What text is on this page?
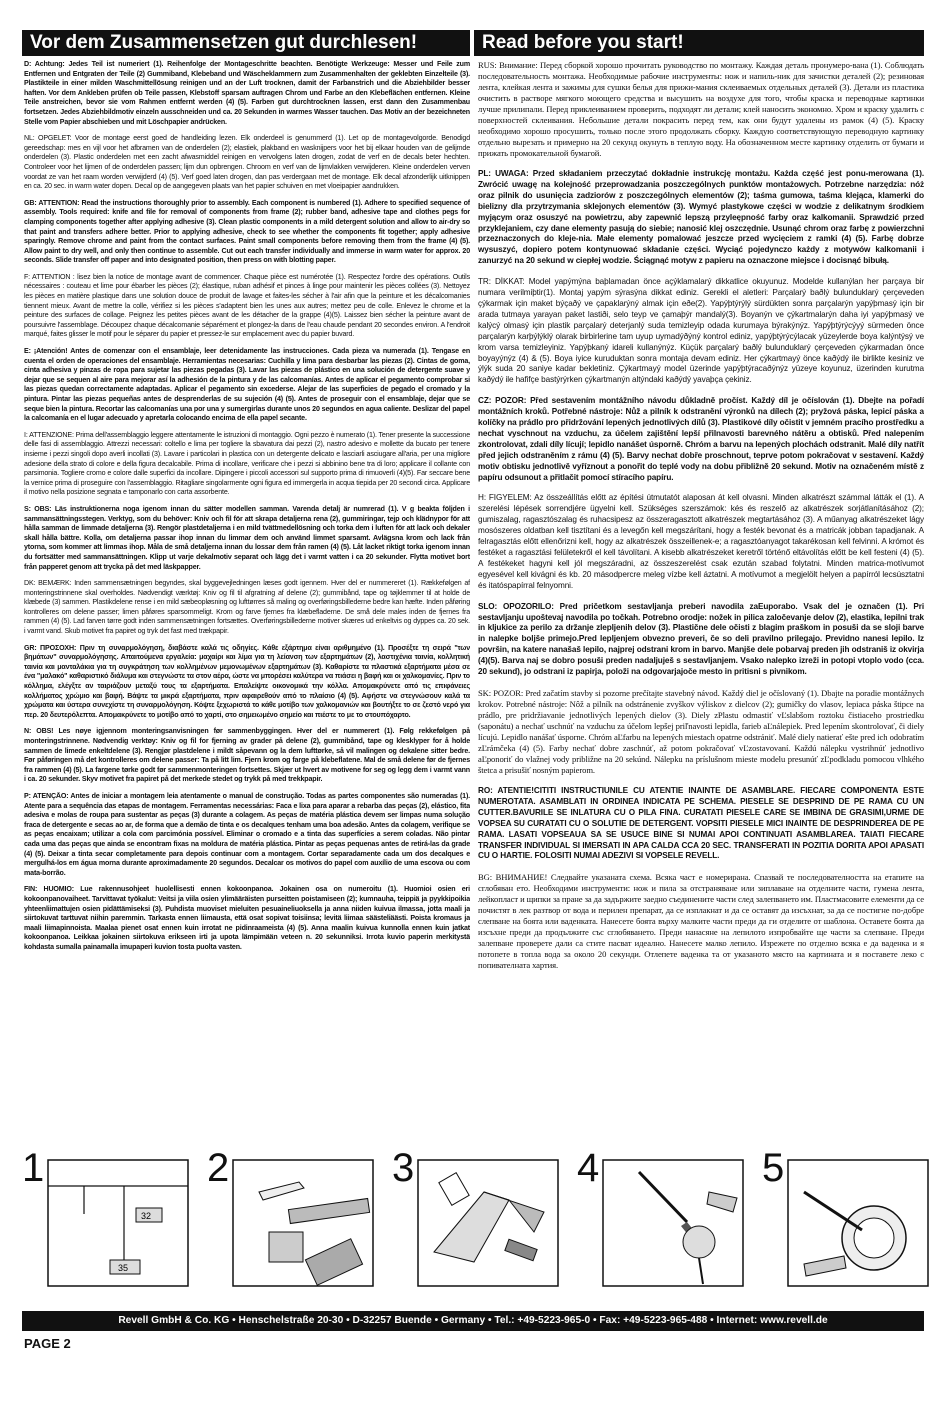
Vor dem Zusammensetzen gut durchlesen!	Read before you start!

D: Achtung: Jedes Teil ist numeriert (1). Reihenfolge der Montageschritte beachten. Benötigte Werkzeuge: Messer und Feile zum Entfernen und Entgraten der Teile (2) Gummiband, Klebeband und Wäscheklammern zum Zusammenhalten der geklebten Einzelteile (3). Plastikteile in einer milden Waschmittellösung reinigen und an der Luft trocknen, damit der Farbanstrich und die Abziehbilder besser haften. Vor dem Ankleben prüfen ob Teile passen, Klebstoff sparsam auftragen Chrom und Farbe an den Klebeflächen entfernen. Kleine Teile anstreichen, bevor sie vom Rahmen entfernt werden (4) (5). Farben gut durchtrocknen lassen, erst dann den Zusammenbau fortsetzen. Jedes Abziehbildmotiv einzeln ausschneiden und ca. 20 Sekunden in warmes Wasser tauchen. Das Motiv an der bezeichneten Stelle vom Papier abschieben und mit Löschpapier andrücken.

NL: OPGELET: Voor de montage eerst goed de handleiding lezen. Elk onderdeel is genummerd (1). Let op de montagevolgorde. Benodigd gereedschap: mes en vijl voor het afbramen van de onderdelen (2); elastiek, plakband en wasknijpers voor het bij elkaar houden van de gelijmde onderdelen (3). Plastic onderdelen met een zacht afwasmiddel reinigen en vervolgens laten drogen, zodat de verf en de decals beter hechten. Controleer voor het lijmen of de onderdelen passen; lijm dun opbrengen. Chroom en verf van de lijmvlakken verwijderen. Kleine onderdelen verven voordat ze van het raam worden verwijderd (4) (5). Verf goed laten drogen, dan pas verdergaan met de montage. Elk decal afzonderlijk uitknippen en ca. 20 sec. in warm water dopen. Decal op de aangegeven plaats van het papier schuiven en met vloeipapier aandrukken.

GB: ATTENTION: Read the instructions thoroughly prior to assembly. Each component is numbered (1). Adhere to specified sequence of assembly. Tools required: knife and file for removal of components from frame (2); rubber band, adhesive tape and clothes pegs for clamping components together after applying adhesive (3). Clean plastic components in a mild detergent solution and allow to air-dry so that paint and transfers adhere better. Prior to applying adhesive, check to see whether the components fit together; apply adhesive sparingly. Remove chrome and paint from the contact surfaces. Paint small components before removing them from the frame (4) (5). Allow paint to dry well, and only then continue to assemble. Cut out each transfer individually and immerse in warm water for approx. 20 seconds. Slide transfer off paper and into designated position, then press on with blotting paper.

F: ATTENTION : lisez bien la notice de montage avant de commencer. Chaque pièce est numérotée (1). Respectez l'ordre des opérations. Outils nécessaires : couteau et lime pour ébarber les pièces (2); élastique, ruban adhésif et pinces à linge pour maintenir les pièces collées (3). Nettoyez les pièces en matière plastique dans une solution douce de produit de lavage et faites-les sécher à l'air afin que la peinture et les décalcomanies tiennent mieux. Avant de mettre la colle, vérifiez si les pièces s'adaptent bien les unes aux autres; mettez peu de colle. Enlevez le chrome et la peinture des surfaces de collage. Peignez les petites pièces avant de les détacher de la grappe (4)(5). Laissez bien sécher la peinture avant de poursuivre l'assemblage. Découpez chaque décalcomanie séparément et plongez-la dans de l'eau chaude pendant 20 secondes environ. A l'endroit marqué, faites glisser le motif pour le séparer du papier et pressez-le sur emplacement avec du papier buvard.

E: ¡Atención! Antes de comenzar con el ensamblaje, leer detenidamente las instrucciones. Cada pieza va numerada (1). Tengase en cuenta el orden de operaciones del ensamblaje. Herramientas necesarias: Cuchilla y lima para desbarbar las piezas (2). Cintas de goma, cinta adhesiva y pinzas de ropa para sujetar las piezas pegadas (3). Lavar las piezas de plástico en una solución de detergente suave y dejar que se sequen al aire para mejorar así la adhesión de la pintura y de las calcomanías. Antes de aplicar el pegamento comprobar si las piezas quedan correctamente adaptadas. Aplicar el pegamento sin excederse. Alejar de las superficies de pegado el cromado y la pintura. Pintar las piezas pequeñas antes de desprenderlas de su sujeción (4) (5). Antes de proseguir con el ensamblaje, dejar que se seque bien la pintura. Recortar las calcomanías una por una y sumergirlas durante unos 20 segundos en agua caliente. Deslizar del papel la calcomanía en el lugar adecuado y apretarla colocando encima de ella papel secante.

I: ATTENZIONE: Prima dell'assemblaggio leggere attentamente le istruzioni di montaggio. Ogni pezzo è numerato (1). Tener presente la successione delle fasi di assemblaggio. Attrezzi necessari: coltello e lima per togliere la sbavatura dai pezzi (2), nastro adesivo e mollette da bucato per tenere insieme i pezzi singoli dopo averli incollati (3). Lavare i particolari in plastica con un detergente delicato e lasciarli asciugare all'aria, per una migliore adesione della strato di colore e della figura decalcabile. Prima di incollare, verificare che i pezzi si abbinino bene tra di loro; applicare il collante con parsimonia. Togliere cromo e colore dalle superfici da incollare. Dipingere i piccoli accessori sul supporto prima di rimuoverli (4)(5). Far seccare bene la vernice prima di proseguire con l'assemblaggio. Ritagliare singolarmente ogni figura ed immergerla in acqua tiepida per 20 secondi circa. Applicare il motivo nella posizione segnata e tamponarlo con carta assorbente.

S: OBS: Läs instruktionerna noga igenom innan du sätter modellen samman. Varenda detalj är numrerad (1). V g beakta följden i sammansättningsstegen. Verktyg, som du behöver: Kniv och fil för att skrapa detaljerna rena (2), gummiringar, tejp och klädnypor för att hålla samman de limmade detaljerna (3). Rengör plastdetaljerna i en mild tvättmedellösning och torka dem i luften för att lack och dekaler skall hålla bättre. Kolla, om detaljerna passar ihop innan du limmar dem och använd limmet sparsamt. Avlägsna krom och lack från ytorna, som kommer att limmas ihop. Måla de små detaljerna innan du lossar dem från ramen (4) (5). Låt lacket riktigt torka igenom innan du fortsätter med sammansättningen. Klipp ut varje dekalmotiv separat och lägg det i varmt vatten i ca 20 sekunder. Flytta motivet bort från papperet genom att trycka på det med läskpapper.

DK: BEMÆRK: Inden sammensætningen begyndes, skal byggevejledningen læses godt igennem. Hver del er nummereret (1). Rækkefølgen af monteringstrinnene skal overholdes. Nødvendigt værktøj: Kniv og fil til afgratning af delene (2); gummibånd, tape og tøjklemmer til at holde de klæbede (3) sammen. Plastikdelene rense i en mild sæbeopløsning og lufttørres så maling og overføringsbillederne bedre kan hæfte. Inden påføring kontrolleres om delene passer; limen påføres sparsommeligt. Krom og farve fjernes fra klæbefladerne. De små dele males inden de fjernes fra rammen (4) (5). Lad farven tørre godt inden sammensætningen fortsættes. Overføringsbillederne motiver skæres ud enkeltvis og dyppes ca. 20 sek. i varmt vand. Skub motivet fra papiret og tryk det fast med trækpapir.

GR: ΠΡΟΣΟΧΗ: Πριν τη συναρμολόγηση, διαβάστε καλά τις οδηγίες. Κάθε εξάρτημα είναι αριθμημένο (1). Προσέξτε τη σειρά "των βημάτων" συναρμολόγησης. Απαιτούμενα εργαλεία: μαχαίρι και λίμα για τη λείανση των εξαρτημάτων (2), λαστιχένια ταινία, κολλητική ταινία και μανταλάκια για τη συγκράτηση των κολλημένων μεμονωμένων εξαρτημάτων (3). Καθαρίστε τα πλαστικά εξαρτήματα μέσα σε ένα "μαλακό" καθαριστικό διάλυμα και στεγνώστε τα στον αέρα, ώστε να μπορέσει καλύτερα να πιάσει η βαφή και οι χαλκομανίες. Πριν το κόλλημα, ελέγξτε αν ταιριάζουν μεταξύ τους τα εξαρτήματα. Επαλείψτε οικονομικά την κόλλα. Απομακρύνετε από τις επιφάνειες κολλήματος χρώμιο και βαφή. Βάψτε τα μικρά εξαρτήματα, πριν αφαιρεθούν από το πλαίσιο (4) (5). Αφήστε να στεγνώσουν καλά τα χρώματα και ύστερα συνεχίστε τη συναρμολόγηση. Κόψτε ξεχωριστά το κάθε μοτίβο των χαλκομανιών και βουτήξτε το σε ζεστό νερό για περ. 20 δευτερόλεπτα. Απομακρύνετε το μοτίβο από το χαρτί, στο σημειωμένο σημείο και πιέστε το με το στουπόχαρτο.

N: OBS! Les nøye igjennom monteringsanvisningen før sammenbyggingen. Hver del er nummerert (1). Følg rekkefølgen på monteringstrinnene. Nødvendig verktøy: Kniv og fil for fjerning av grader på delene (2), gummibånd, tape og klesklyper for å holde sammen de limede enkeltdelene (3). Rengjør plastdelene i mildt såpevann og la dem lufttørke, så vil malingen og dekalene sitter bedre. Før påføringen må det kontrolleres om delene passer: Ta på litt lim. Fjern krom og farge på klebeflatene. Mal de små delene før de fjernes fra rammen (4) (5). La fargene tørke godt før sammenmonteringen fortsettes. Skjær ut hvert av motivene for seg og legg dem i varmt vann i ca. 20 sekunder. Skyv motivet fra papiret på det merkede stedet og trykk på med trekkpapir.

P: ATENÇÃO: Antes de iniciar a montagem leia atentamente o manual de construção. Todas as partes componentes são numeradas (1). Atente para a sequência das etapas de montagem. Ferramentas necessárias: Faca e lixa para aparar a rebarba das peças (2), elástico, fita adesiva e molas de roupa para sustentar as peças (3) durante a colagem. As peças de matéria plástica devem ser limpas numa solução fraca de detergente e secas ao ar, de forma que a demão de tinta e os decalques tenham uma boa adesão. Antes da colagem, verifique se as peças encaixam; utilizar a cola com parcimónia possível. Eliminar o cromado e a tinta das superfícies a serem coladas. Não pintar cada uma das peças que ainda se encontram fixas na moldura de matéria plástica. Pintar as peças pequenas antes de retirá-las da grade (4) (5). Deixar a tinta secar completamente para depois continuar com a montagem. Cortar separadamente cada um dos decalques e mergulhá-los em água morna durante aproximadamente 20 segundos. Decalcar os motivos do papel com auxílio de uma escova ou com mata-borrão.

FIN: HUOMIO: Lue rakennusohjeet huolellisesti ennen kokoonpanoa. Jokainen osa on numeroitu (1). Huomioi osien eri kokoonpanovaiheet. Tarvittavat työkalut: Veitsi ja viila osien ylimääräisten purseitten poistamiseen (2); kumnauha, teippiä ja pyykkipoikia yhteenliimattujen osien pidättämiseksi (3). Puhdista muoviset mieluiten pesuaineliuoksella ja anna niiden kuivua ilmassa, jotta maali ja siirtokuvat tarttuvat niihin paremmin. Tarkasta ennen liimausta, että osat sopivat toisiinsa; levitä liimaa säästeliäästi. Poista kromaus ja maali liimapinnoista. Maalaa pienet osat ennen kuin irrotat ne pidinraameista (4) (5). Anna maalin kuivua kunnolla ennen kuin jatkat kokoonpanoa. Leikkaa jokainen siirtokuva erikseen irti ja upota lämpimään veteen n. 20 sekunniksi. Irrota kuvio paperin merkitystä kohdasta sumalla painamalla imupaperi kuvion tosta puolta vasten.

RUS: Внимание: Перед сборкой хорошо прочитать руководство по монтажу. Каждая деталь пронумеро-вана (1). Соблюдать последовательность монтажа. Необходимые рабочие инструменты: нож и напиль-ник для зачистки деталей (2); резиновая лента, клейкая лента и зажимы для сушки белья для прижи-мания склеиваемых отдельных деталей (3). Детали из пластика очистить в растворе мягкого моющего средства и высушить на воздухе для того, чтобы краска и переводные картинки лучше прилипали. Перед приклеиванием проверить, подходят ли детали; клей наносить экономно. Хром и краску удалить с поверхностей склеивания. Небольшие детали покрасить перед тем, как они будут удалены из рамок (4) (5). Краску необходимо хорошо просушить, только после этого продолжать сборку. Каждую соответствующую переводную картинку отдельно вырезать и примерно на 20 секунд окунуть в теплую воду. На обозначенном месте картинку отделить от бумаги и прижать промокательной бумагой.

PL: UWAGA: Przed składaniem przeczytać dokładnie instrukcję montażu. Każda część jest ponu-merowana (1). Zwrócić uwagę na kolejność przeprowadzania poszczególnych punktów montażowych. Potrzebne narzędzia: nóż oraz pilnik do usunięcia zadziorów z poszczególnych elementów (2); taśma gumowa, taśma klejąca, klamerki do bielizny dla przytrzymania sklejonych elementów (3). Wymyć plastykowe części w wodzie z delikatnym środkiem myjącym oraz osuszyć na powietrzu, aby zapewnić lepszą przyleępność farby oraz kalkomanii. Sprawdzić przed przyklejaniem, czy dane elementy pasują do siebie; nanosić klej oszczędnie. Usunąć chrom oraz farbę z powierzchni przeznaczonych do kleje-nia. Małe elementy pomalować jeszcze przed wycięciem z ramki (4) (5). Farbę dobrze wysuszyć, dopiero potem kontynuować składanie części. Wyciąć pojedynczo każdy z motywów kalkomanii i zanurzyć na 20 sekund w ciepłej wodzie. Ściągnąć motyw z papieru na oznaczone miejsce i docisnąć bibułą.

TR: DİKKAT: Model yapýmýna baþlamadan önce açýklamalarý dikkatlice okuyunuz. Modelde kullanýlan her parçaya bir numara verilmiþtir(1). Montaj yapým sýrasýna dikkat ediniz. Gerekli el aletleri: Parçalarý baðlý bulunduklarý çerçeveden çýkarmak için maket býçaðý ve çapaklarýný almak için eðe(2). Yapýþtýrýlý sürdükten sonra parçalarýn yapýþmasý için bir arada tutmaya yarayan paket lastiði, selo teyp ve çamaþýr mandalý(3). Boyanýn ve çýkartmalarýn daha iyi yapýþmasý ve kalýcý olmasý için plastik parçalarý deterjanlý suda temizleyip odada kurumaya býrakýnýz. Yapýþtýrýcýyý sürmeden önce parçalarýn karþýlýklý olarak birbirlerine tam uyup uymadýðýný kontrol ediniz, yapýþtýrýcýlacak yüzeylerde boya kalýntýsý ve krom varsa temizleyiniz. Yapýþkaný idareli kullanýnýz. Küçük parçalarý baðlý bulunduklarý çerçeveden çýkarmadan önce boyayýnýz (4) & (5). Boya iyice kuruduktan sonra montaja devam ediniz. Her çýkartmayý önce kaðýdý ile birlikte kesiniz ve ýlýk suda 20 saniye kadar bekletiniz. Çýkartmayý model üzerinde yapýþtýracaðýnýz yüzeye koyunuz, üzerinden kurutma kaðýdý ile hafifçe bastýrýrken çýkartmanýn altýndaki kaðýdý yavaþça çekiniz.

CZ: POZOR: Před sestavením montážního návodu důkladně pročíst. Každý díl je očíslován (1). Dbejte na pořadí montážních kroků. Potřebné nástroje: Nůž a pilník k odstranění výronků na dílech (2); pryžová páska, lepicí páska a kolíčky na prádlo pro přidržování lepených jednotlivých dílů (3). Plastikové díly očistit v jemném pracího prostředku a nechat vyschnout na vzduchu, za účelem zajištění lepší přilnavosti barevného nátěru a obtisků. Před nalepením zkontrolovat, zdali díly lícují; lepidlo nanášet úsporně. Chróm a barvu na lepených plochách odstranit. Malé díly natřít před jejich odstraněním z rámu (4) (5). Barvy nechat dobře proschnout, teprve potom pokračovat v sestavení. Každý motiv obtisku jednotlivě vyříznout a ponořit do teplé vody na dobu přibližně 20 sekund. Motiv na označeném místě z papíru odsunout a přitlačit pomocí stíracího papíru.

H: FIGYELEM: Az összeállítás előtt az építési útmutatót alaposan át kell olvasni. Minden alkatrészt számmal látták el (1). A szerelési lépések sorrendjére ügyelni kell. Szükséges szerszámok: kés és reszelő az alkatrészek sorjátlanításához (2); gumiszalag, ragasztószalag és ruhacsipesz az összeragasztott alkatrészek megtartásához (3). A műanyag alkatrészeket lágy mosószeres oldatban kell tisztítani és a levegőn kell megszárítani, hogy a festék bevonat és a matricák jobban tapadjanak. A felragasztás előtt ellenőrizni kell, hogy az alkatrészek összeillenek-e; a ragasztóanyagot takarékosan kell felvinni. A krómot és festéket a ragasztási felületekről el kell távolítani. A kisebb alkatrészeket keretről történő eltávolítás előtt be kell festeni (4) (5). A festékeket hagyni kell jól megszáradni, az összeszerelést csak ezután szabad folytatni. Minden matrica-motívumot egyesével kell kivágni és kb. 20 másodpercre meleg vízbe kell áztatni. A motívumot a megjelölt helyen a papírról lecsúsztatni és itatóspapírral felnyomni.

SLO: OPOZORILO: Pred pričetkom sestavljanja preberi navodila zaEuporabo. Vsak del je označen (1). Pri sestavljanju upoštevaj navodila po točkah. Potrebno orodje: nožek in pilica zaločevanje delov (2), elastika, lepilni trak in kljukice za perilo za držanje zlepljenih delov (3). Plastične dele očisti z blagim praškom in posuši da se sloji barve in nalepke boljše primejo.Pred lepljenjem obvezno preveri, če so deli pravilno prilegajo. Previdno nanesi lepilo. Iz površin, na katere nanašaš lepilo, najprej odstrani krom in barvo. Manjše dele pobarvaj preden jih odstraniš iz okvirja (4)(5). Barva naj se dobro posuši preden nadaljuješ s sestavljanjem. Vsako nalepko izreži in potopi vtoplo vodo (cca. 20 sekund), jo odstrani iz papirja, položi na odgovarjajoče mesto in pritisni s pivnikom.

SK: POZOR: Pred začatím stavby si pozorne prečítajte stavebný návod. Každý diel je očíslovaný (1). Dbajte na poradie montážnych krokov. Potrebné nástroje: Nôž a pilník na odstránenie zvyškov výliskov z dielcov (2); gumičky do vlasov, lepiaca páska štipce na prádlo, pre pridržiavanie jednotlivých lepených dielov (3). Diely zPlastu odmastiť vĽslabšom roztoku čistiaceho prostriedku (saponátu) a nechať uschnúť na vzduchu za účelom lepšej priľnavosti lepidla, farieb aĽnálepiek. Pred lepením skontrolovať, či diely lícujú. Lepidlo nanášať úsporne. Chróm aĽfarbu na lepených miestach opatrne odstrániť. Malé diely natierať ešte pred ich odobratím zĽrámčeka (4) (5). Farby nechať dobre zaschnúť, až potom pokračovať vĽzostavovaní. Každú nálepku vystrihnúť jednotlivo aĽponoriť do vlažnej vody približne na 20 sekúnd. Nálepku na príslušnom mieste modelu presunúť zĽpodkladu pomocou vlhkého štetca a prisušiť nosným papierom.

RO: ATENTIE!CITITI INSTRUCTIUNILE CU ATENTIE INAINTE DE ASAMBLARE. FIECARE COMPONENTA ESTE NUMEROTATA. ASAMBLATI IN ORDINEA INDICATA PE SCHEMA. PIESELE SE DESPRIND DE PE RAMA CU UN CUTTER.BAVURILE SE INLATURA CU O PILA FINA. CURATATI PIESELE CARE SE IMBINA DE GRASIMI,URME DE VOPSEA SU CURATATI CU O SOLUTIE DE DETERGENT. VOPSITI PIESELE MICI INAINTE DE DESPRINDEREA DE PE RAMA. LASATI VOPSEAUA SA SE USUCE BINE SI NUMAI APOI CONTINUATI ASAMBLAREA. TAIATI FIECARE TRANSFER INDIVIDUAL SI IMERSATI IN APA CALDA CCA 20 SEC. TRANSFERATI IN POZITIA DORITA APOI APASATI CU O HARTIE. FOLOSITI NUMAI ADEZIVI SI VOPSELE REVELL.

BG: ВНИМАНИЕ! Следвайте указаната схема. Всяка част е номерирана. Спазвай те последователността на етапите на сглобяван ето. Необходими инструменти: нож и пила за отстраняване или зиплаване на отделните части, гумена лента, лейкопласт и щипки за пране за да задържите заедно съединените части след залепването им. Пластмасовите елементи да се почистят в лек разтвор от вода и перилен препарат, да се изплакнат и да се оставят да изсъхнат, за да се постигне по-добре слепване на боята или ваденката. Нанесете боята върху малките части преди да ги отделите от шаблона. Оставете боята да изсъхне преди да продължите със сглобяването. Преди нанасяне на лепилото изпробвайте ще части за слепване. Преди залепване проверете дали са стите пасват идеално. Нанесете малко лепило. Изрежете по отделно всяка е да ваденка и я потопете в топла вода за около 20 секунди. Отлепете ваденка та от указаното място на картината и я поставете леко с попивателната хартия.

1
32
35
2	3	4	5
Revell GmbH & Co. KG • Henschelstraße 20-30 • D-32257 Buende • Germany • Tel.: +49-5223-965-0 • Fax: +49-5223-965-488 • Internet: www.revell.de
PAGE 2
